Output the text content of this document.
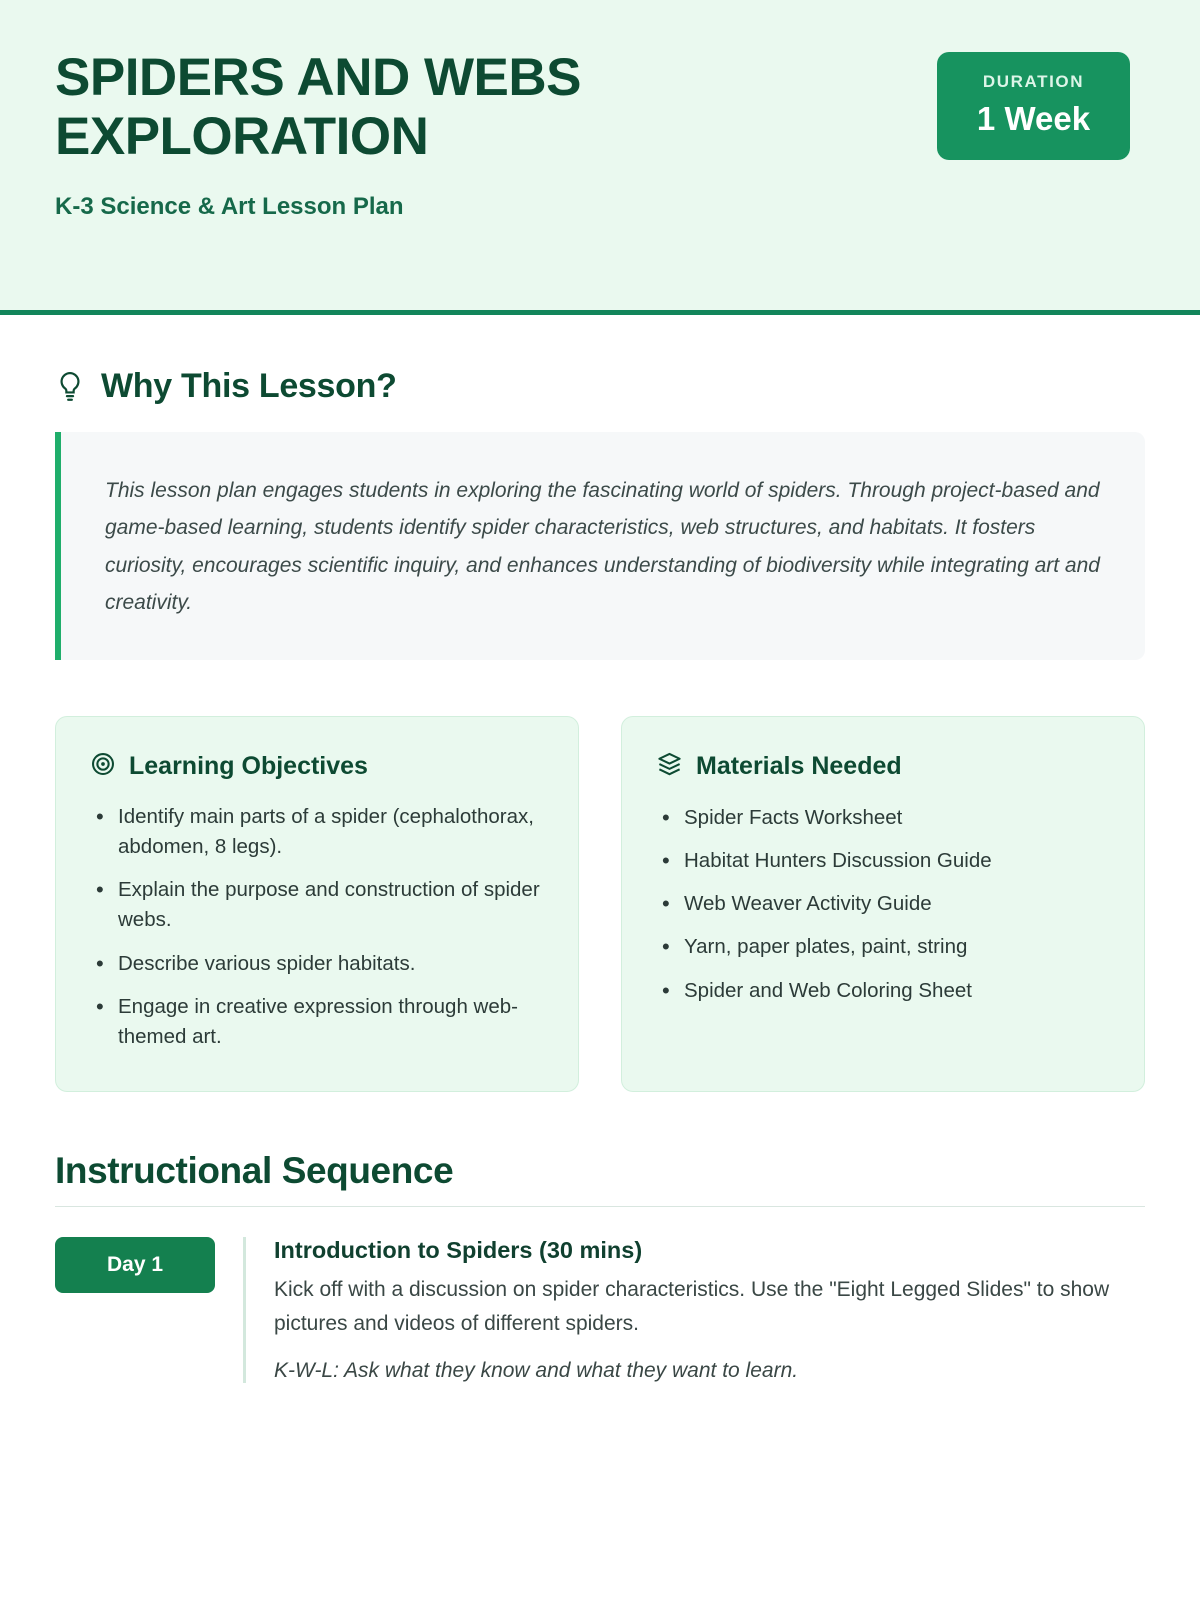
SPIDERS AND WEBS EXPLORATION
K-3 Science & Art Lesson Plan
DURATION
1 Week
Why This Lesson?

This lesson plan engages students in exploring the fascinating world of spiders. Through project-based and game-based learning, students identify spider characteristics, web structures, and habitats. It fosters curiosity, encourages scientific inquiry, and enhances understanding of biodiversity while integrating art and creativity.

Learning Objectives
• Identify main parts of a spider (cephalothorax, abdomen, 8 legs).
• Explain the purpose and construction of spider webs.
• Describe various spider habitats.
• Engage in creative expression through web-themed art.
Materials Needed
• Spider Facts Worksheet
• Habitat Hunters Discussion Guide
• Web Weaver Activity Guide
• Yarn, paper plates, paint, string
• Spider and Web Coloring Sheet
Instructional Sequence
Day 1
Introduction to Spiders (30 mins)
Kick off with a discussion on spider characteristics. Use the "Eight Legged Slides" to show pictures and videos of different spiders.
K-W-L: Ask what they know and what they want to learn.
